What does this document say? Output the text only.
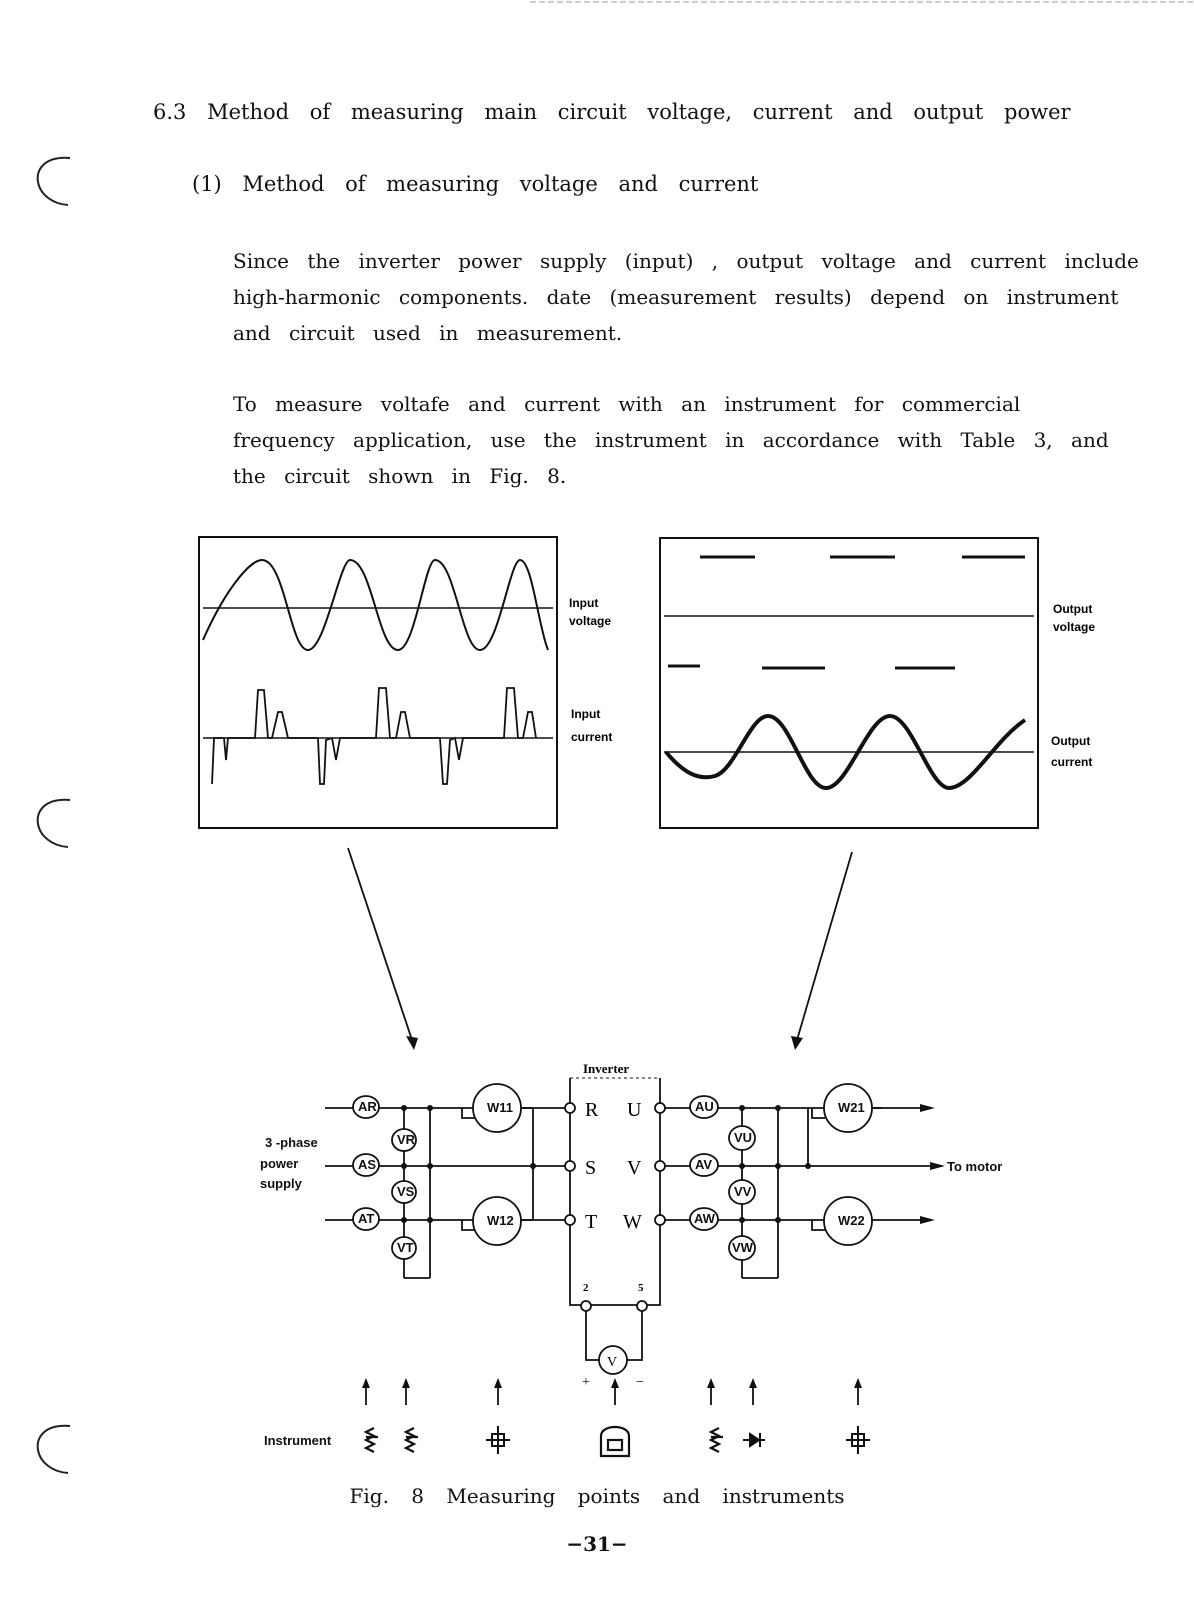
6.3 Method of measuring main circuit voltage, current and output power
(1) Method of measuring voltage and current
Since the inverter power supply (input) , output voltage and current include
high-harmonic components. date (measurement results) depend on instrument
and circuit used in measurement.
To measure voltafe and current with an instrument for commercial
frequency application, use the instrument in accordance with Table 3, and
the circuit shown in Fig. 8.
Input
voltage
Input
current
Output
voltage
Output
current
Inverter
R
S
T
U
V
W
2	5
V
+	−
AR
AS
AT
VR
VS
VT
W11
W12
AU
AV
AW
VU
VV
VW
W21
W22
3 -phase
power
supply
To motor
Instrument
Fig. 8 Measuring points and instruments
−31−
